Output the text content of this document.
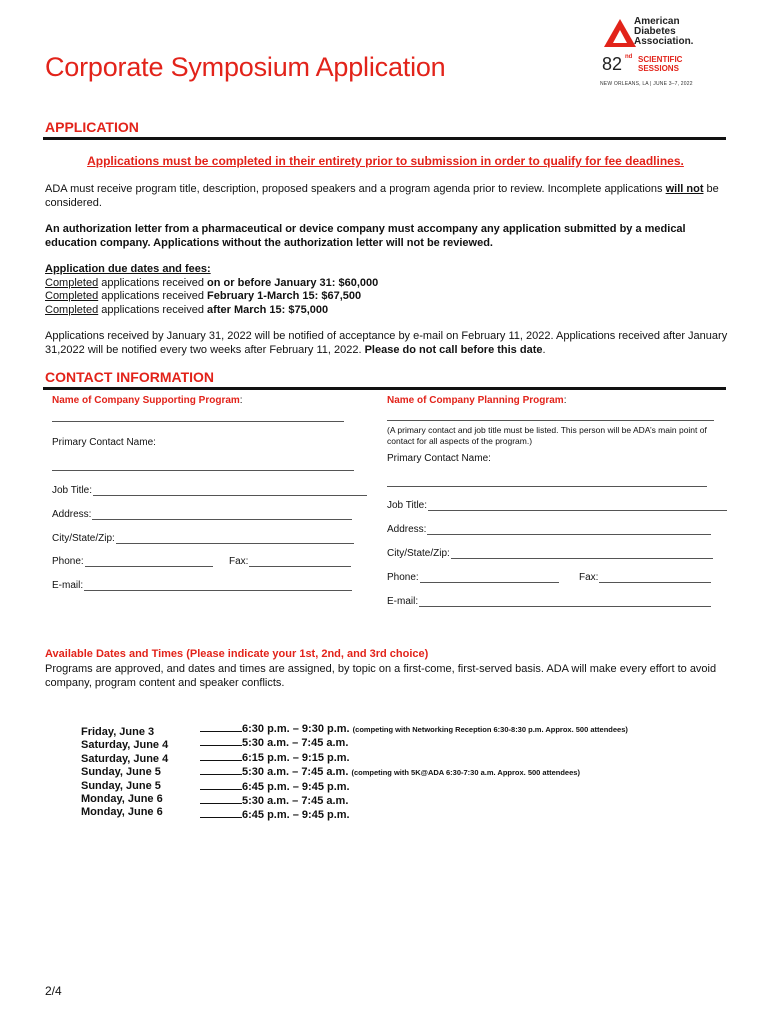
Corporate Symposium Application
American
Diabetes
Association.
82 nd SCIENTIFIC
SESSIONS
NEW ORLEANS, LA | JUNE 3–7, 2022
APPLICATION
Applications must be completed in their entirety prior to submission in order to qualify for fee deadlines.

ADA must receive program title, description, proposed speakers and a program agenda prior to review. Incomplete applications will not be considered.

An authorization letter from a pharmaceutical or device company must accompany any application submitted by a medical education company. Applications without the authorization letter will not be reviewed.

Application due dates and fees:
Completed applications received on or before January 31: $60,000
Completed applications received February 1-March 15: $67,500
Completed applications received after March 15: $75,000

Applications received by January 31, 2022 will be notified of acceptance by e-mail on February 11, 2022. Applications received after January 31,2022 will be notified every two weeks after February 11, 2022. Please do not call before this date.

CONTACT INFORMATION
Name of Company Supporting Program:
Primary Contact Name:
Job Title:
Address:
City/State/Zip:
Phone:	Fax:
E-mail:
Name of Company Planning Program:
(A primary contact and job title must be listed. This person will be ADA’s main point of contact for all aspects of the program.)
Primary Contact Name:
Job Title:
Address:
City/State/Zip:
Phone:	Fax:
E-mail:
Available Dates and Times (Please indicate your 1st, 2nd, and 3rd choice)
Programs are approved, and dates and times are assigned, by topic on a first-come, first-served basis. ADA will make every effort to avoid company, program content and speaker conflicts.
Friday, June 3
Saturday, June 4
Saturday, June 4
Sunday, June 5
Sunday, June 5
Monday, June 6
Monday, June 6
6:30 p.m. – 9:30 p.m. (competing with Networking Reception 6:30-8:30 p.m. Approx. 500 attendees)
5:30 a.m. – 7:45 a.m.
6:15 p.m. – 9:15 p.m.
5:30 a.m. – 7:45 a.m. (competing with 5K@ADA 6:30-7:30 a.m. Approx. 500 attendees)
6:45 p.m. – 9:45 p.m.
5:30 a.m. – 7:45 a.m.
6:45 p.m. – 9:45 p.m.
2/4
